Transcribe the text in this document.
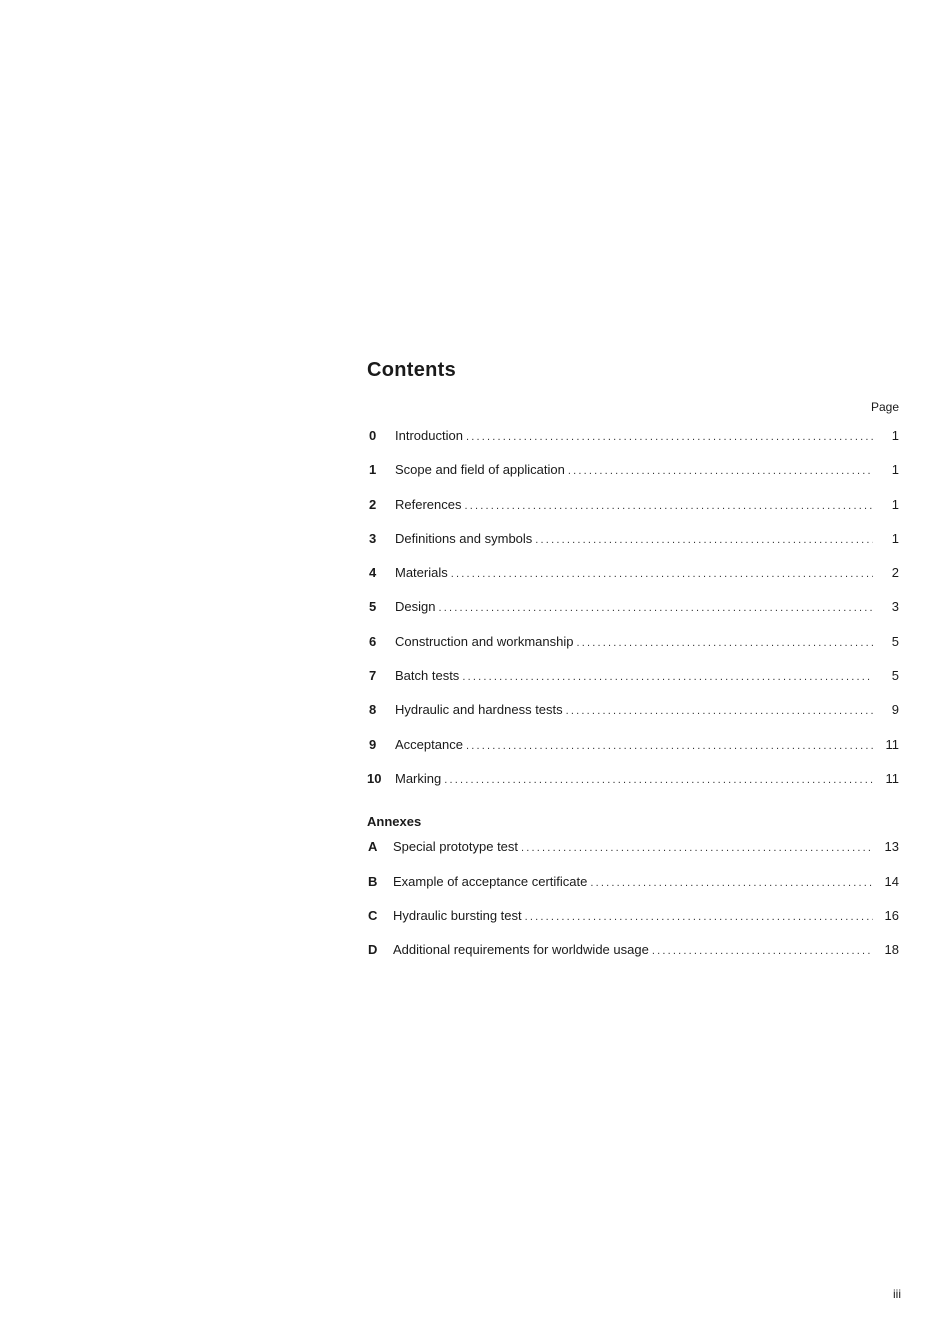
Contents
Page
0	Introduction .....	1
1	Scope and field of application .....	1
2	References .....	1
3	Definitions and symbols .....	1
4	Materials .....	2
5	Design .....	3
6	Construction and workmanship .....	5
7	Batch tests .....	5
8	Hydraulic and hardness tests .....	9
9	Acceptance .....	11
10	Marking .....	11
Annexes
A	Special prototype test .....	13
B	Example of acceptance certificate .....	14
C	Hydraulic bursting test .....	16
D	Additional requirements for worldwide usage .....	18
iii
